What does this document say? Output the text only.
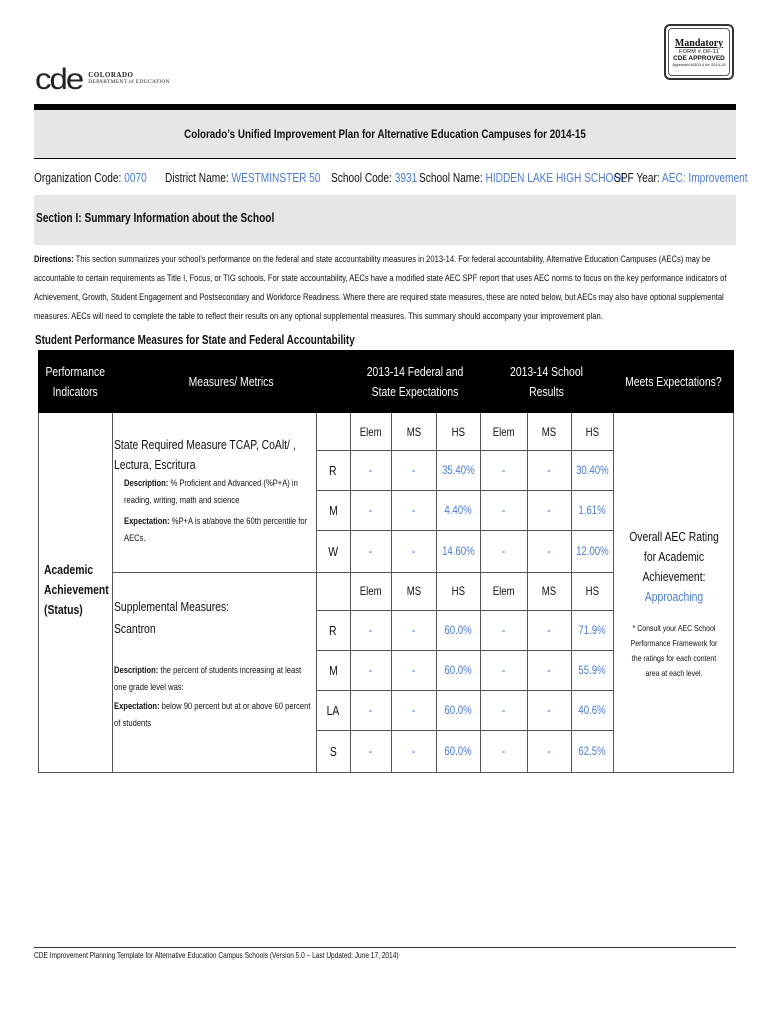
cde COLORADO
DEPARTMENT of EDUCATION
Mandatory
FORM # OF-11
CDE APPROVED
Approved 6/30/14 for 2014-15
Colorado’s Unified Improvement Plan for Alternative Education Campuses for 2014-15
Organization Code: 0070 District Name: WESTMINSTER 50 School Code: 3931 School Name: HIDDEN LAKE HIGH SCHOOL
SPF Year: AEC: Improvement
Section I: Summary Information about the School
Directions: This section summarizes your school’s performance on the federal and state accountability measures in 2013-14. For federal accountability, Alternative Education Campuses (AECs) may be accountable to certain requirements as Title I, Focus, or TIG schools. For state accountability, AECs have a modified state AEC SPF report that uses AEC norms to focus on the key performance indicators of Achievement, Growth, Student Engagement and Postsecondary and Workforce Readiness. Where there are required state measures, these are noted below, but AECs may also have optional supplemental measures. AECs will need to complete the table to reflect their results on any optional supplemental measures. This summary should accompany your improvement plan.
Student Performance Measures for State and Federal Accountability
Performance Indicators
Measures/ Metrics
2013-14 Federal and State Expectations
2013-14 School Results
Meets Expectations?
Academic Achievement (Status)
State Required Measure TCAP, CoAlt/ , Lectura, Escritura
Description: % Proficient and Advanced (%P+A) in reading, writing, math and science
Expectation: %P+A is at/above the 60th percentile for AECs.
Supplemental Measures:
Scantron
Description: the percent of students increasing at least one grade level was:
Expectation: below 90 percent but at or above 60 percent of students
Elem MS	HS Elem MS HS
Elem MS	HS Elem MS HS
R	-	- 35.40% -	- 30.40%
M	-	- 4.40% -	- 1.61%
W	-	- 14.60% -	- 12.00%
R	-	- 60.0% -	- 71.9%
M	-	- 60.0% -	- 55.9%
LA -	- 60.0% -	- 40.6%
S	-	- 60.0% -	- 62.5%
Overall AEC Rating for Academic Achievement:
Approaching
* Consult your AEC School Performance Framework for the ratings for each content area at each level.
CDE Improvement Planning Template for Alternative Education Campus Schools (Version 5.0 – Last Updated: June 17, 2014)
